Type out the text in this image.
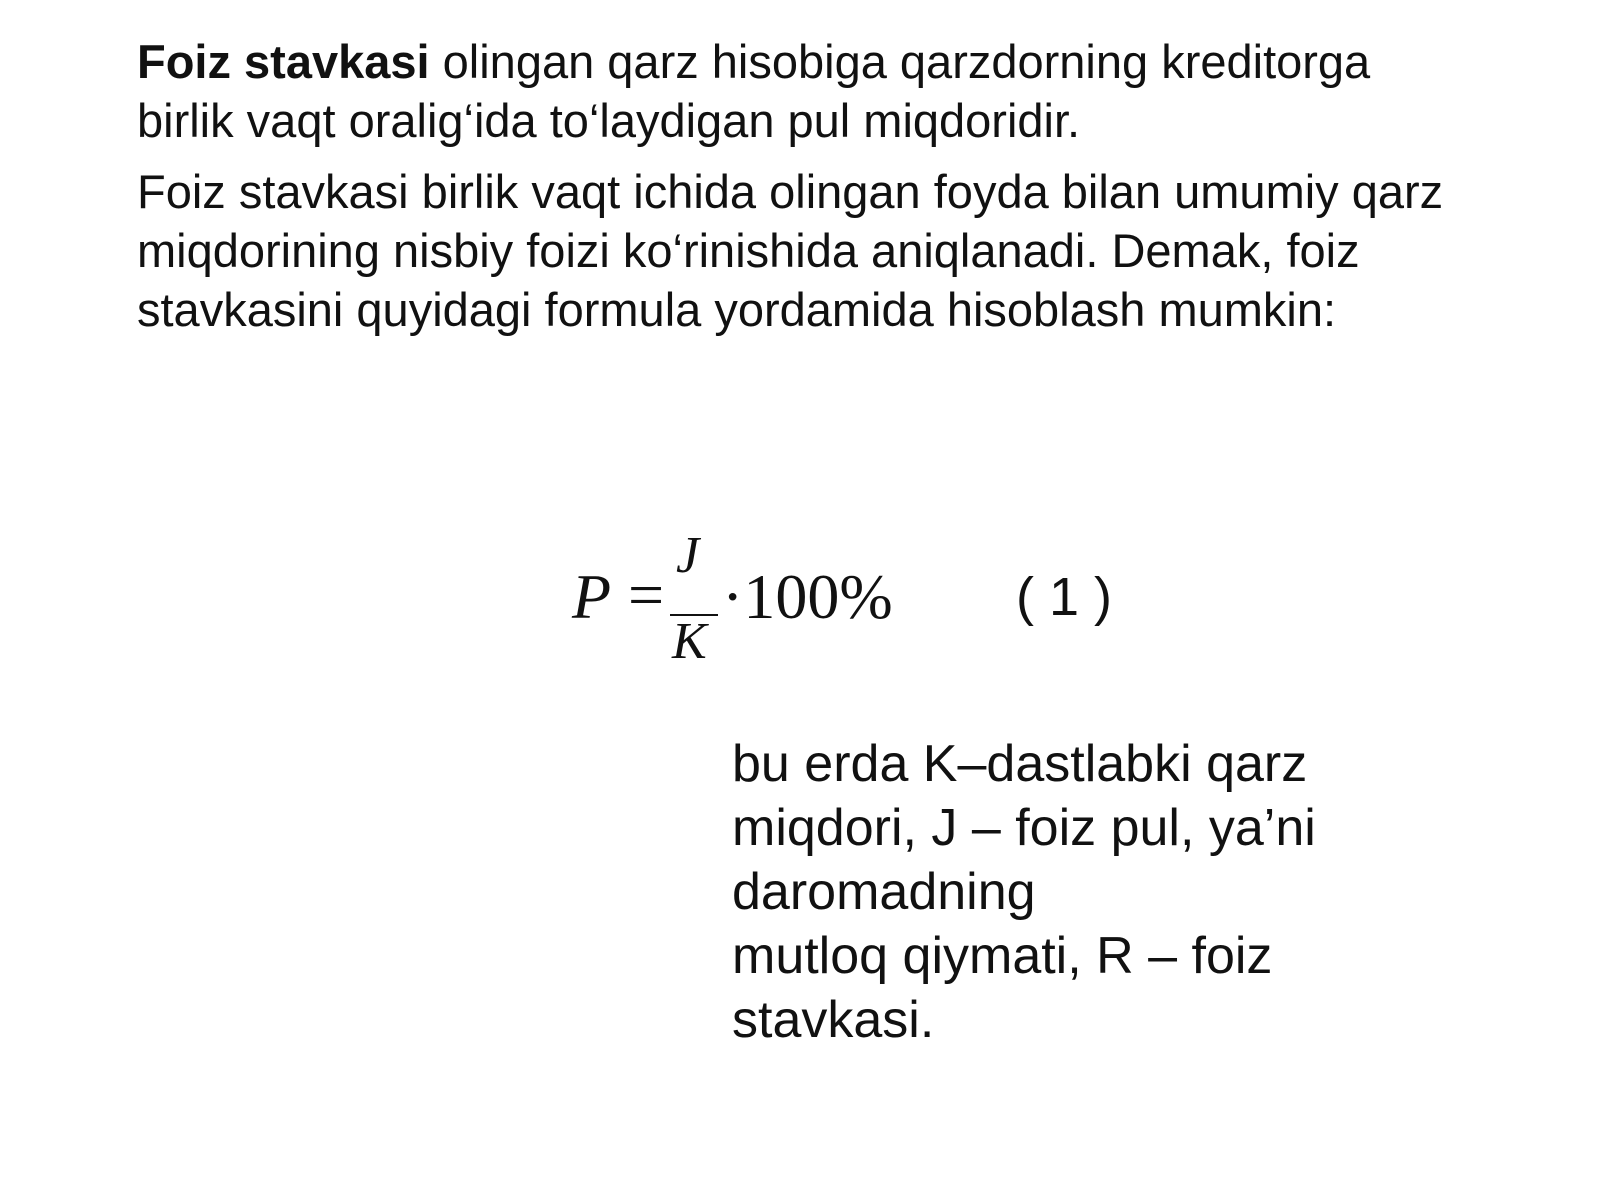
Foiz stavkasi olingan qarz hisobiga qarzdorning kreditorga birlik vaqt oralig‘ida to‘laydigan pul miqdoridir.

Foiz stavkasi birlik vaqt ichida olingan foyda bilan umumiy qarz miqdorining nisbiy foizi ko‘rinishida aniqlanadi. Demak, foiz stavkasini quyidagi formula yordamida hisoblash mumkin:

P =
J
K
·100% ( 1 )
bu erda K–dastlabki qarz miqdori, J – foiz pul, ya’ni daromadning
mutloq qiymati, R – foiz stavkasi.
